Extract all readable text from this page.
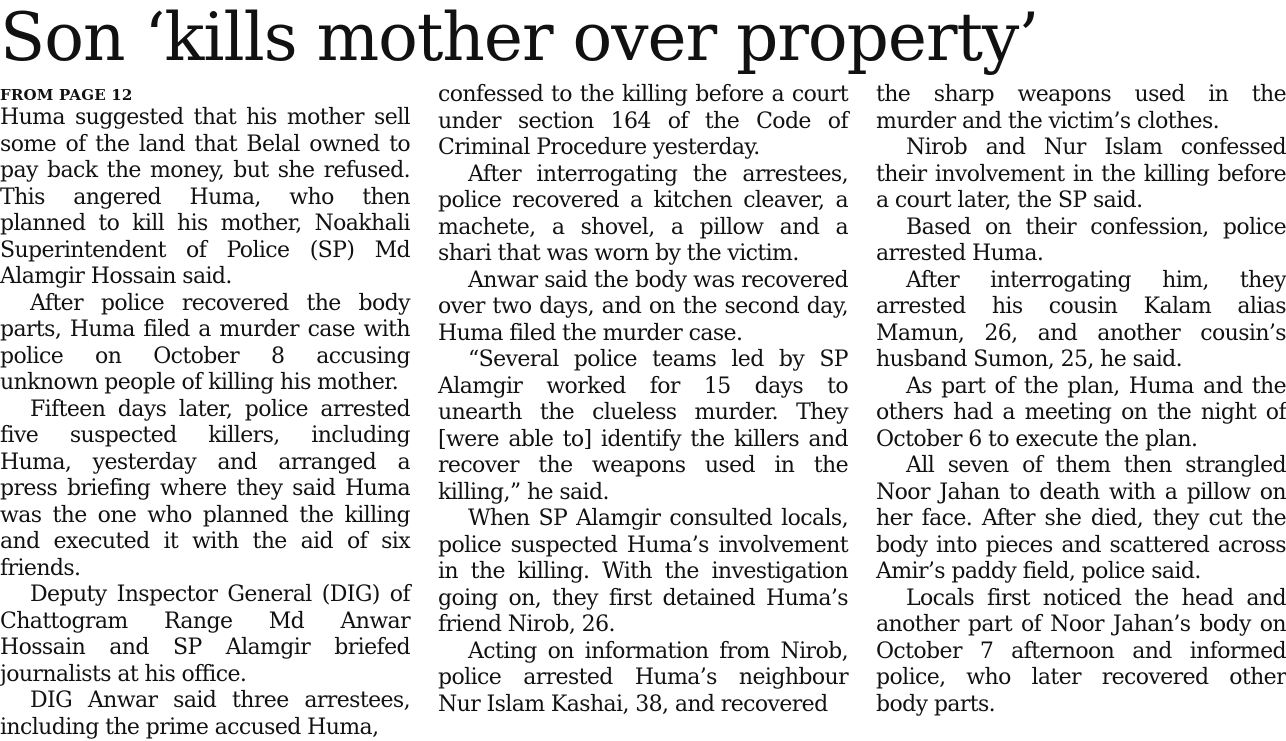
Son ‘kills mother over property’
FROM PAGE 12

Huma suggested that his mother sell some of the land that Belal owned to pay back the money, but she refused. This angered Huma, who then planned to kill his mother, Noakhali Superintendent of Police (SP) Md Alamgir Hossain said.

After police recovered the body parts, Huma filed a murder case with police on October 8 accusing unknown people of killing his mother.

Fifteen days later, police arrested five suspected killers, including Huma, yesterday and arranged a press briefing where they said Huma was the one who planned the killing and executed it with the aid of six friends.

Deputy Inspector General (DIG) of Chattogram Range Md Anwar Hossain and SP Alamgir briefed journalists at his office.

DIG Anwar said three arrestees, including the prime accused Huma,

confessed to the killing before a court under section 164 of the Code of Criminal Procedure yesterday.

After interrogating the arrestees, police recovered a kitchen cleaver, a machete, a shovel, a pillow and a shari that was worn by the victim.

Anwar said the body was recovered over two days, and on the second day, Huma filed the murder case.

“Several police teams led by SP Alamgir worked for 15 days to unearth the clueless murder. They [were able to] identify the killers and recover the weapons used in the killing,” he said.

When SP Alamgir consulted locals, police suspected Huma’s involvement in the killing. With the investigation going on, they first detained Huma’s friend Nirob, 26.

Acting on information from Nirob, police arrested Huma’s neighbour Nur Islam Kashai, 38, and recovered

the sharp weapons used in the murder and the victim’s clothes.

Nirob and Nur Islam confessed their involvement in the killing before a court later, the SP said.

Based on their confession, police arrested Huma.

After interrogating him, they arrested his cousin Kalam alias Mamun, 26, and another cousin’s husband Sumon, 25, he said.

As part of the plan, Huma and the others had a meeting on the night of October 6 to execute the plan.

All seven of them then strangled Noor Jahan to death with a pillow on her face. After she died, they cut the body into pieces and scattered across Amir’s paddy field, police said.

Locals first noticed the head and another part of Noor Jahan’s body on October 7 afternoon and informed police, who later recovered other body parts.
